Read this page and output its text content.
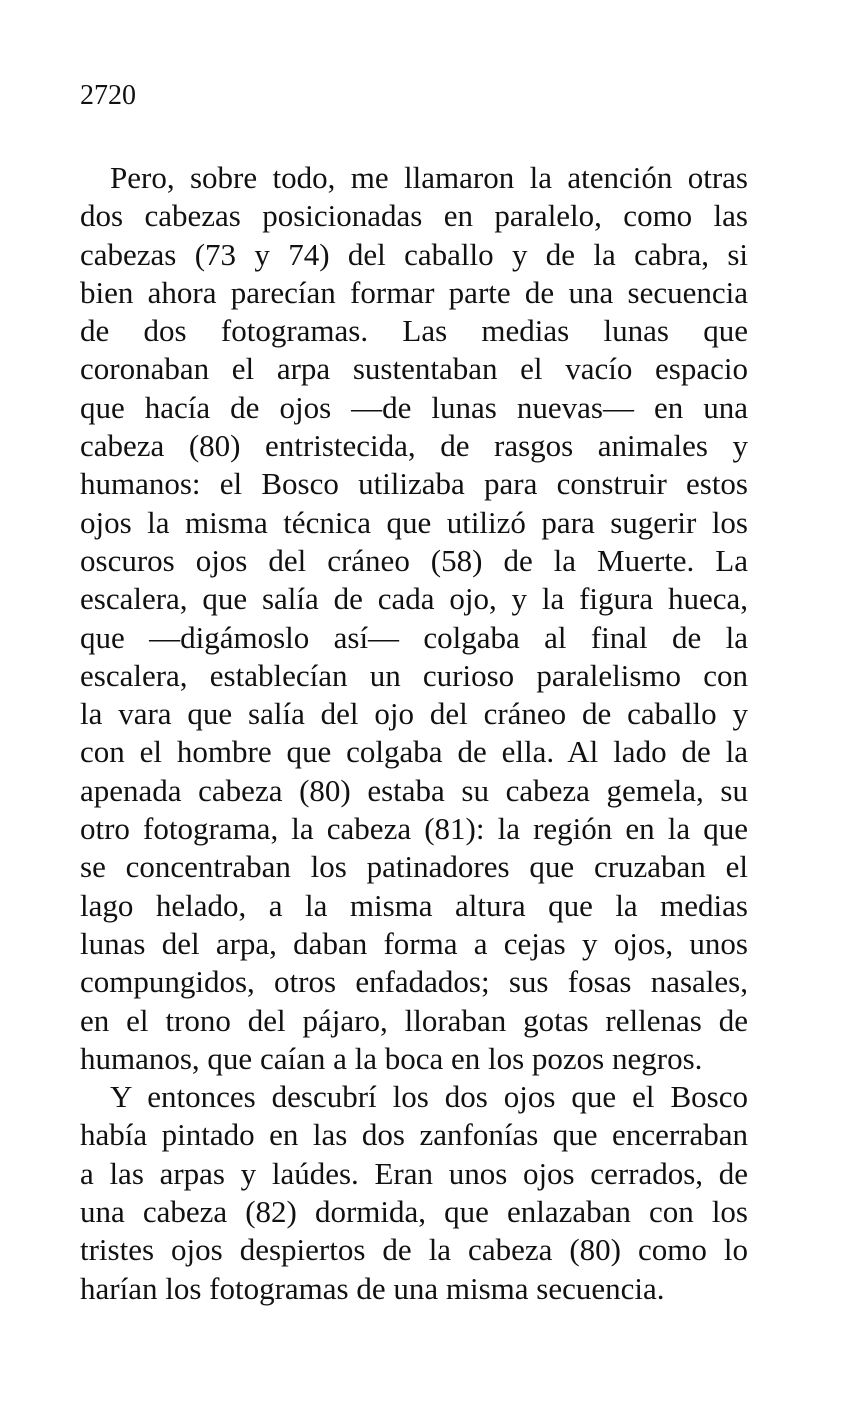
2720

Pero, sobre todo, me llamaron la atención otras
dos cabezas posicionadas en paralelo, como las
cabezas (73 y 74) del caballo y de la cabra, si
bien ahora parecían formar parte de una secuencia
de dos fotogramas. Las medias lunas que
coronaban el arpa sustentaban el vacío espacio
que hacía de ojos —de lunas nuevas— en una
cabeza (80) entristecida, de rasgos animales y
humanos: el Bosco utilizaba para construir estos
ojos la misma técnica que utilizó para sugerir los
oscuros ojos del cráneo (58) de la Muerte. La
escalera, que salía de cada ojo, y la figura hueca,
que —digámoslo así— colgaba al final de la
escalera, establecían un curioso paralelismo con
la vara que salía del ojo del cráneo de caballo y
con el hombre que colgaba de ella. Al lado de la
apenada cabeza (80) estaba su cabeza gemela, su
otro fotograma, la cabeza (81): la región en la que
se concentraban los patinadores que cruzaban el
lago helado, a la misma altura que la medias
lunas del arpa, daban forma a cejas y ojos, unos
compungidos, otros enfadados; sus fosas nasales,
en el trono del pájaro, lloraban gotas rellenas de
humanos, que caían a la boca en los pozos negros.

Y entonces descubrí los dos ojos que el Bosco
había pintado en las dos zanfonías que encerraban
a las arpas y laúdes. Eran unos ojos cerrados, de
una cabeza (82) dormida, que enlazaban con los
tristes ojos despiertos de la cabeza (80) como lo
harían los fotogramas de una misma secuencia.
